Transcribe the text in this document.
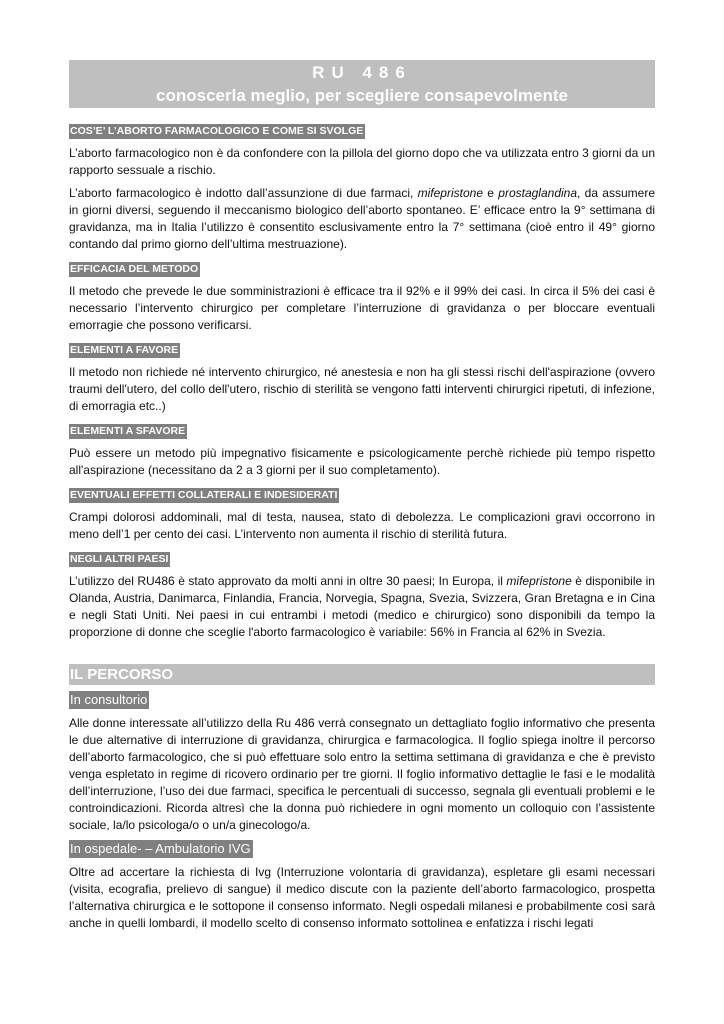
RU 486
conoscerla meglio, per scegliere consapevolmente
COS’E’ L’ABORTO FARMACOLOGICO E COME SI SVOLGE

L’aborto farmacologico non è da confondere con la pillola del giorno dopo che va utilizzata entro 3 giorni da un rapporto sessuale a rischio.

L’aborto farmacologico è indotto dall’assunzione di due farmaci, mifepristone e prostaglandina, da assumere in giorni diversi, seguendo il meccanismo biologico dell’aborto spontaneo. E’ efficace entro la 9° settimana di gravidanza, ma in Italia l’utilizzo è consentito esclusivamente entro la 7° settimana (cioè entro il 49° giorno contando dal primo giorno dell’ultima mestruazione).

EFFICACIA DEL METODO

Il metodo che prevede le due somministrazioni è efficace tra il 92% e il 99% dei casi. In circa il 5% dei casi è necessario l’intervento chirurgico per completare l’interruzione di gravidanza o per bloccare eventuali emorragie che possono verificarsi.

ELEMENTI A FAVORE

Il metodo non richiede né intervento chirurgico, né anestesia e non ha gli stessi rischi dell'aspirazione (ovvero traumi dell'utero, del collo dell'utero, rischio di sterilità se vengono fatti interventi chirurgici ripetuti, di infezione, di emorragia etc..)

ELEMENTI A SFAVORE

Può essere un metodo più impegnativo fisicamente e psicologicamente perchè richiede più tempo rispetto all'aspirazione (necessitano da 2 a 3 giorni per il suo completamento).

EVENTUALI EFFETTI COLLATERALI E INDESIDERATI

Crampi dolorosi addominali, mal di testa, nausea, stato di debolezza. Le complicazioni gravi occorrono in meno dell’1 per cento dei casi. L’intervento non aumenta il rischio di sterilità futura.

NEGLI ALTRI PAESI

L’utilizzo del RU486 è stato approvato da molti anni in oltre 30 paesi; In Europa, il mifepristone è disponibile in Olanda, Austria, Danimarca, Finlandia, Francia, Norvegia, Spagna, Svezia, Svizzera, Gran Bretagna e in Cina e negli Stati Uniti. Nei paesi in cui entrambi i metodi (medico e chirurgico) sono disponibili da tempo la proporzione di donne che sceglie l'aborto farmacologico è variabile: 56% in Francia al 62% in Svezia.

IL PERCORSO
In consultorio

Alle donne interessate all’utilizzo della Ru 486 verrà consegnato un dettagliato foglio informativo che presenta le due alternative di interruzione di gravidanza, chirurgica e farmacologica. Il foglio spiega inoltre il percorso dell’aborto farmacologico, che si può effettuare solo entro la settima settimana di gravidanza e che è previsto venga espletato in regime di ricovero ordinario per tre giorni. Il foglio informativo dettaglie le fasi e le modalità dell’interruzione, l’uso dei due farmaci, specifica le percentuali di successo, segnala gli eventuali problemi e le controindicazioni. Ricorda altresì che la donna può richiedere in ogni momento un colloquio con l’assistente sociale, la/lo psicologa/o o un/a ginecologo/a.

In ospedale- – Ambulatorio IVG

Oltre ad accertare la richiesta di Ivg (Interruzione volontaria di gravidanza), espletare gli esami necessari (visita, ecografia, prelievo di sangue) il medico discute con la paziente dell’aborto farmacologico, prospetta l’alternativa chirurgica e le sottopone il consenso informato. Negli ospedali milanesi e probabilmente così sarà anche in quelli lombardi, il modello scelto di consenso informato sottolinea e enfatizza i rischi legati
